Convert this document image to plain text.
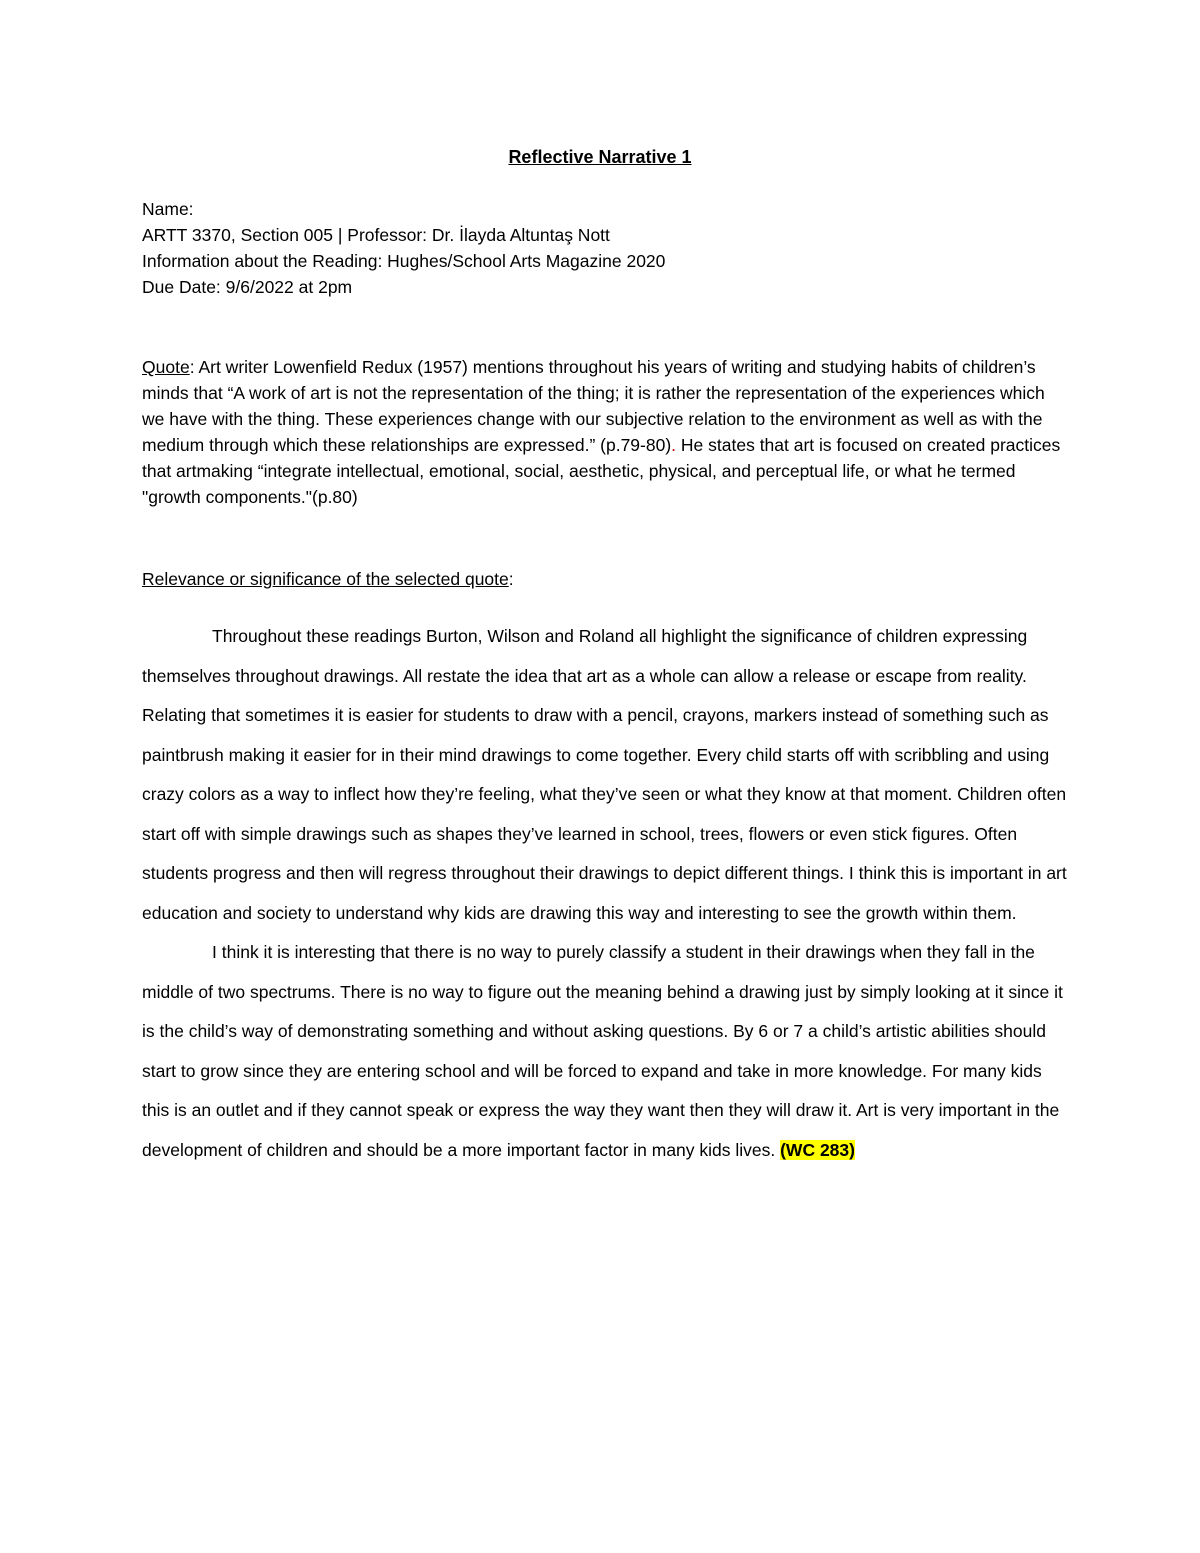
Reflective Narrative 1
Name:
ARTT 3370, Section 005 | Professor: Dr. İlayda Altuntaş Nott
Information about the Reading: Hughes/School Arts Magazine 2020
Due Date: 9/6/2022 at 2pm

Quote: Art writer Lowenfield Redux (1957) mentions throughout his years of writing and studying habits of children’s minds that “A work of art is not the representation of the thing; it is rather the representation of the experiences which we have with the thing. These experiences change with our subjective relation to the environment as well as with the medium through which these relationships are expressed.” (p.79-80). He states that art is focused on created practices that artmaking “integrate intellectual, emotional, social, aesthetic, physical, and perceptual life, or what he termed "growth components."(p.80)

Relevance or significance of the selected quote:

Throughout these readings Burton, Wilson and Roland all highlight the significance of children expressing themselves throughout drawings. All restate the idea that art as a whole can allow a release or escape from reality. Relating that sometimes it is easier for students to draw with a pencil, crayons, markers instead of something such as paintbrush making it easier for in their mind drawings to come together. Every child starts off with scribbling and using crazy colors as a way to inflect how they’re feeling, what they’ve seen or what they know at that moment. Children often start off with simple drawings such as shapes they’ve learned in school, trees, flowers or even stick figures. Often students progress and then will regress throughout their drawings to depict different things. I think this is important in art education and society to understand why kids are drawing this way and interesting to see the growth within them.

I think it is interesting that there is no way to purely classify a student in their drawings when they fall in the middle of two spectrums. There is no way to figure out the meaning behind a drawing just by simply looking at it since it is the child’s way of demonstrating something and without asking questions. By 6 or 7 a child’s artistic abilities should start to grow since they are entering school and will be forced to expand and take in more knowledge. For many kids this is an outlet and if they cannot speak or express the way they want then they will draw it. Art is very important in the development of children and should be a more important factor in many kids lives. (WC 283)
